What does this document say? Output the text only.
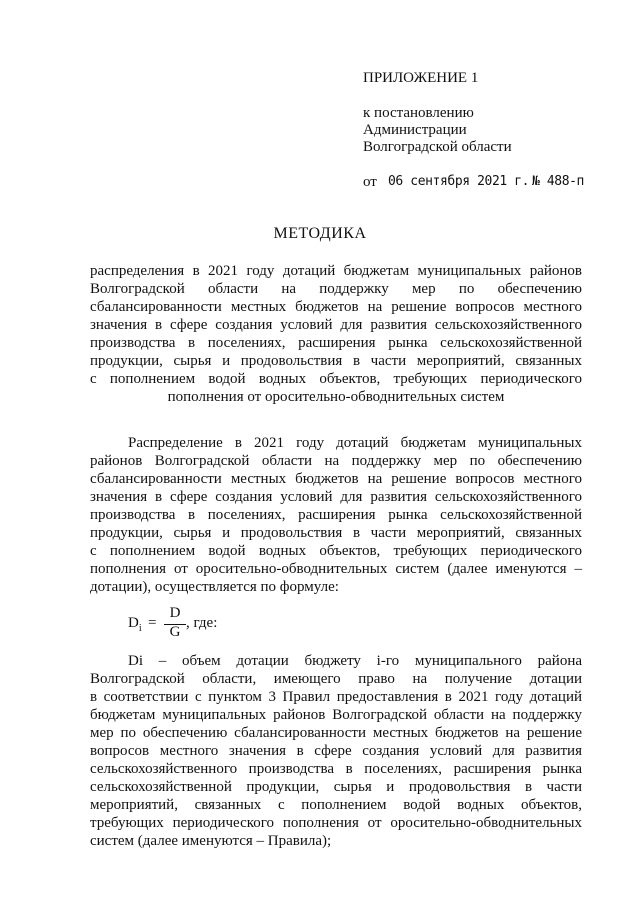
ПРИЛОЖЕНИЕ 1
к постановлению
Администрации
Волгоградской области
от 06 сентября 2021 г. № 488-п
МЕТОДИКА
распределения в 2021 году дотаций бюджетам муниципальных районов
Волгоградской области на поддержку мер по обеспечению
сбалансированности местных бюджетов на решение вопросов местного
значения в сфере создания условий для развития сельскохозяйственного
производства в поселениях, расширения рынка сельскохозяйственной
продукции, сырья и продовольствия в части мероприятий, связанных
с пополнением водой водных объектов, требующих периодического
пополнения от оросительно-обводнительных систем
Распределение в 2021 году дотаций бюджетам муниципальных
районов Волгоградской области на поддержку мер по обеспечению
сбалансированности местных бюджетов на решение вопросов местного
значения в сфере создания условий для развития сельскохозяйственного
производства в поселениях, расширения рынка сельскохозяйственной
продукции, сырья и продовольствия в части мероприятий, связанных
с пополнением водой водных объектов, требующих периодического
пополнения от оросительно-обводнительных систем (далее именуются –
дотации), осуществляется по формуле:
$D_i$ =
D
G
, где:
Di – объем дотации бюджету i-го муниципального района
Волгоградской области, имеющего право на получение дотации
в соответствии с пунктом 3 Правил предоставления в 2021 году дотаций
бюджетам муниципальных районов Волгоградской области на поддержку
мер по обеспечению сбалансированности местных бюджетов на решение
вопросов местного значения в сфере создания условий для развития
сельскохозяйственного производства в поселениях, расширения рынка
сельскохозяйственной продукции, сырья и продовольствия в части
мероприятий, связанных с пополнением водой водных объектов,
требующих периодического пополнения от оросительно-обводнительных
систем (далее именуются – Правила);
